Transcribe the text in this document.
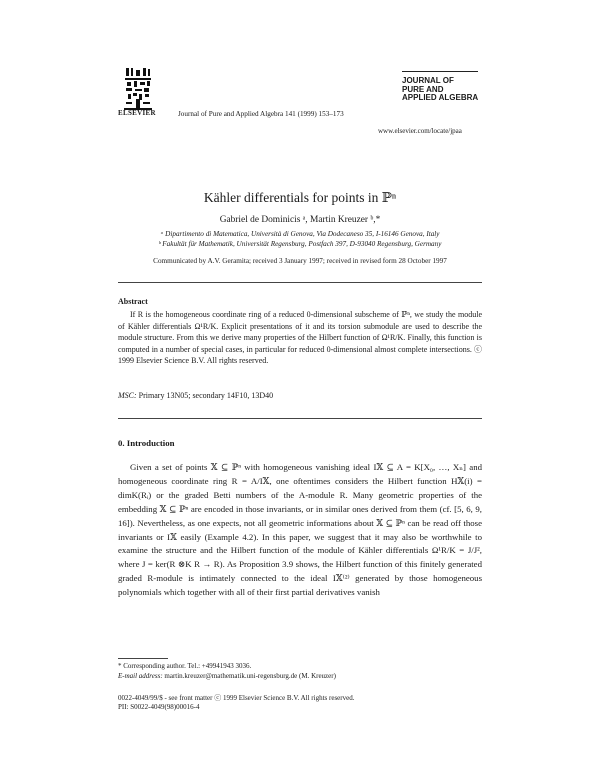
ELSEVIER	Journal of Pure and Applied Algebra 141 (1999) 153–173
JOURNAL OF
PURE AND
APPLIED ALGEBRA
www.elsevier.com/locate/jpaa
Kähler differentials for points in ℙⁿ
Gabriel de Dominicis ᵃ, Martin Kreuzer ᵇ,*
ᵃ Dipartimento di Matematica, Università di Genova, Via Dodecaneso 35, I-16146 Genova, Italy
ᵇ Fakultät für Mathematik, Universität Regensburg, Postfach 397, D-93040 Regensburg, Germany
Communicated by A.V. Geramita; received 3 January 1997; received in revised form 28 October 1997
Abstract
If R is the homogeneous coordinate ring of a reduced 0-dimensional subscheme of ℙⁿ, we study the module of Kähler differentials Ω¹R/K. Explicit presentations of it and its torsion submodule are used to describe the module structure. From this we derive many properties of the Hilbert function of Ω¹R/K. Finally, this function is computed in a number of special cases, in particular for reduced 0-dimensional almost complete intersections. ⓒ 1999 Elsevier Science B.V. All rights reserved.
MSC: Primary 13N05; secondary 14F10, 13D40
0. Introduction
Given a set of points 𝕏 ⊆ ℙⁿ with homogeneous vanishing ideal I𝕏 ⊆ A = K[X₀, …, Xₙ] and homogeneous coordinate ring R = A/I𝕏, one oftentimes considers the Hilbert function H𝕏(i) = dimK(Rᵢ) or the graded Betti numbers of the A-module R. Many geometric properties of the embedding 𝕏 ⊆ ℙⁿ are encoded in those invariants, or in similar ones derived from them (cf. [5, 6, 9, 16]). Nevertheless, as one expects, not all geometric informations about 𝕏 ⊆ ℙⁿ can be read off those invariants or I𝕏 easily (Example 4.2). In this paper, we suggest that it may also be worthwhile to examine the structure and the Hilbert function of the module of Kähler differentials Ω¹R/K = J/J², where J = ker(R ⊗K R → R). As Proposition 3.9 shows, the Hilbert function of this finitely generated graded R-module is intimately connected to the ideal I𝕏⁽²⁾ generated by those homogeneous polynomials which together with all of their first partial derivatives vanish
* Corresponding author. Tel.: +49941943 3036.
E-mail address: martin.kreuzer@mathematik.uni-regensburg.de (M. Kreuzer)
0022-4049/99/$ - see front matter ⓒ 1999 Elsevier Science B.V. All rights reserved.
PII: S0022-4049(98)00016-4
